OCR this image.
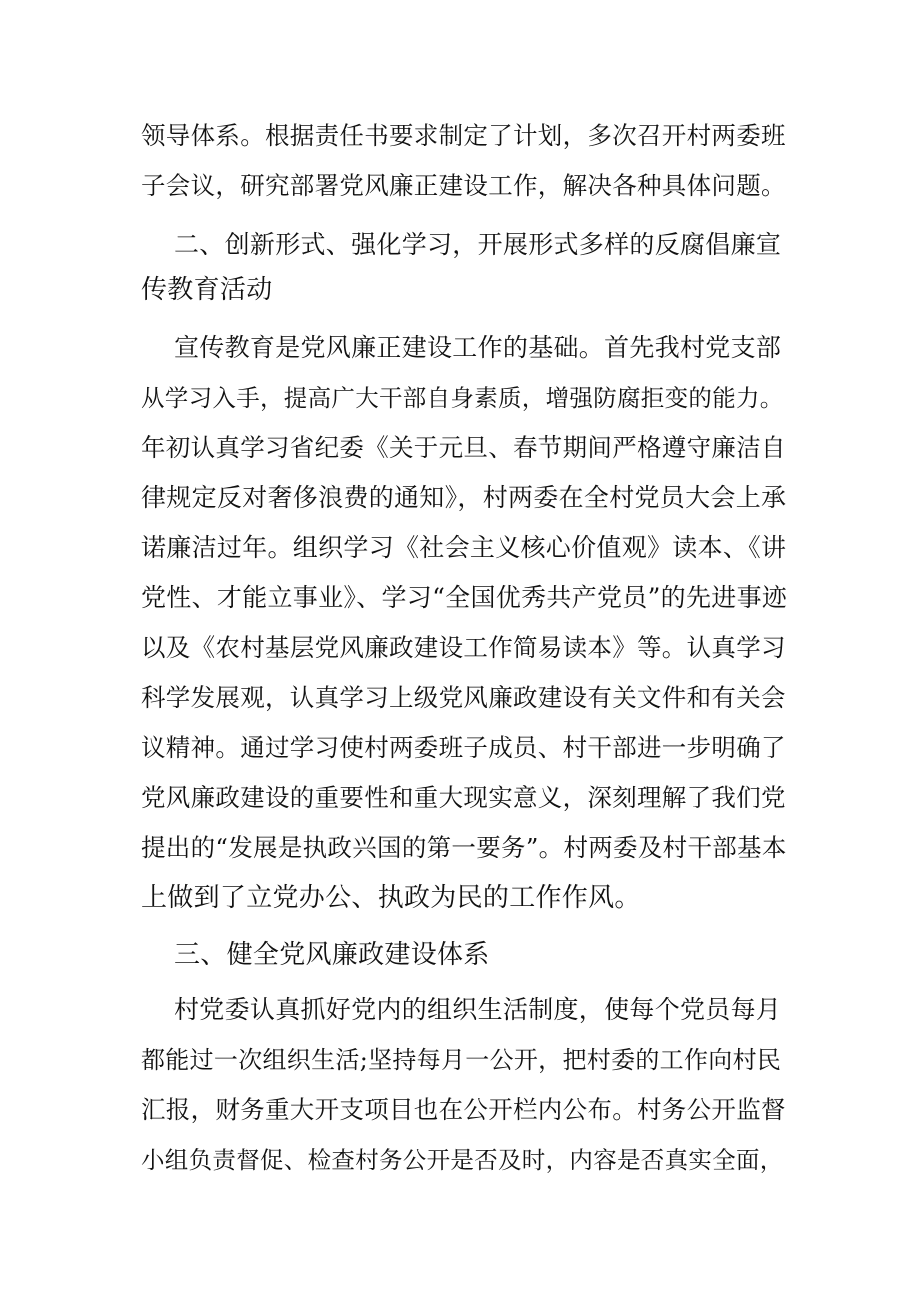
领导体系。根据责任书要求制定了计划，多次召开村两委班
子会议，研究部署党风廉正建设工作，解决各种具体问题。
二、创新形式、强化学习，开展形式多样的反腐倡廉宣
传教育活动
宣传教育是党风廉正建设工作的基础。首先我村党支部
从学习入手，提高广大干部自身素质，增强防腐拒变的能力。
年初认真学习省纪委《关于元旦、春节期间严格遵守廉洁自
律规定反对奢侈浪费的通知》，村两委在全村党员大会上承
诺廉洁过年。组织学习《社会主义核心价值观》读本、《讲
党性、才能立事业》、学习“全国优秀共产党员”的先进事迹
以及《农村基层党风廉政建设工作简易读本》等。认真学习
科学发展观，认真学习上级党风廉政建设有关文件和有关会
议精神。通过学习使村两委班子成员、村干部进一步明确了
党风廉政建设的重要性和重大现实意义，深刻理解了我们党
提出的“发展是执政兴国的第一要务”。村两委及村干部基本
上做到了立党办公、执政为民的工作作风。
三、健全党风廉政建设体系
村党委认真抓好党内的组织生活制度，使每个党员每月
都能过一次组织生活;坚持每月一公开，把村委的工作向村民
汇报，财务重大开支项目也在公开栏内公布。村务公开监督
小组负责督促、检查村务公开是否及时，内容是否真实全面，
